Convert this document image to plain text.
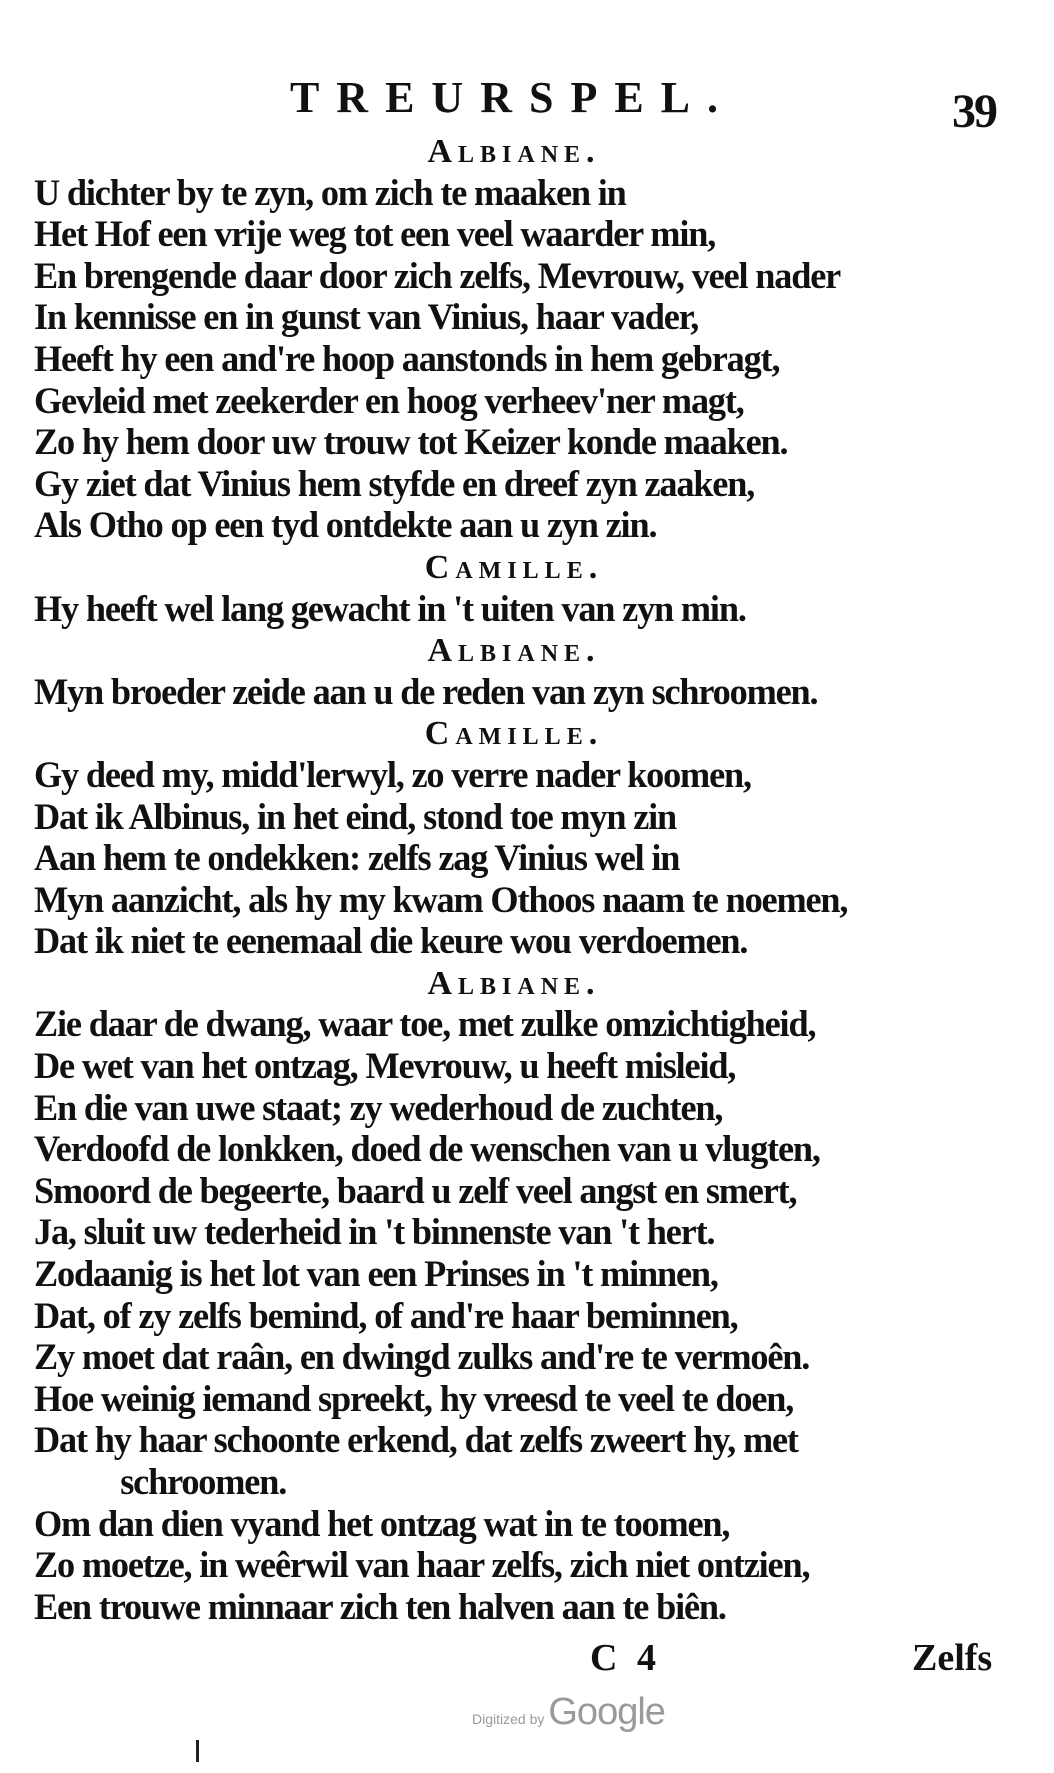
TREURSPEL.	39
Albiane.
U dichter by te zyn, om zich te maaken in
Het Hof een vrije weg tot een veel waarder min,
En brengende daar door zich zelfs, Mevrouw, veel nader
In kennisse en in gunst van Vinius, haar vader,
Heeft hy een and're hoop aanstonds in hem gebragt,
Gevleid met zeekerder en hoog verheev'ner magt,
Zo hy hem door uw trouw tot Keizer konde maaken.
Gy ziet dat Vinius hem styfde en dreef zyn zaaken,
Als Otho op een tyd ontdekte aan u zyn zin.
Camille.
Hy heeft wel lang gewacht in 't uiten van zyn min.
Albiane.
Myn broeder zeide aan u de reden van zyn schroomen.
Camille.
Gy deed my, midd'lerwyl, zo verre nader koomen,
Dat ik Albinus, in het eind, stond toe myn zin
Aan hem te ondekken: zelfs zag Vinius wel in
Myn aanzicht, als hy my kwam Othoos naam te noemen,
Dat ik niet te eenemaal die keure wou verdoemen.
Albiane.
Zie daar de dwang, waar toe, met zulke omzichtigheid,
De wet van het ontzag, Mevrouw, u heeft misleid,
En die van uwe staat; zy wederhoud de zuchten,
Verdoofd de lonkken, doed de wenschen van u vlugten,
Smoord de begeerte, baard u zelf veel angst en smert,
Ja, sluit uw tederheid in 't binnenste van 't hert.
Zodaanig is het lot van een Prinses in 't minnen,
Dat, of zy zelfs bemind, of and're haar beminnen,
Zy moet dat raân, en dwingd zulks and're te vermoên.
Hoe weinig iemand spreekt, hy vreesd te veel te doen,
Dat hy haar schoonte erkend, dat zelfs zweert hy, met
schroomen.
Om dan dien vyand het ontzag wat in te toomen,
Zo moetze, in weêrwil van haar zelfs, zich niet ontzien,
Een trouwe minnaar zich ten halven aan te biên.
C 4	Zelfs
Digitized by Google
